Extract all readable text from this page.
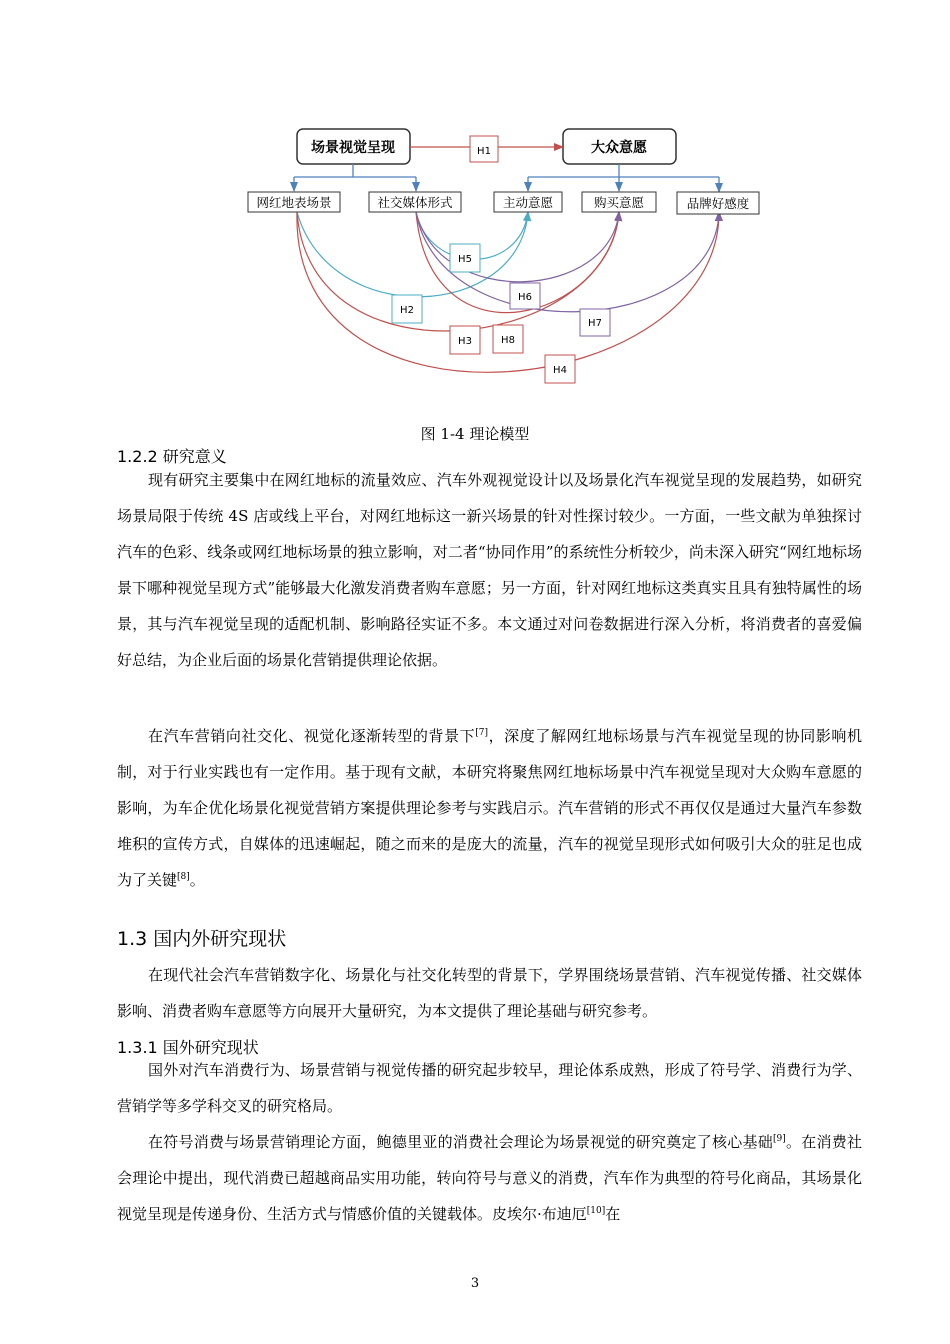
场景视觉呈现	大众意愿
H1
网红地表场景	社交媒体形式	主动意愿	购买意愿	品牌好感度
H5
H6
H2
H7
H3	H8
H4
图 1-4 理论模型
1.2.2 研究意义

现有研究主要集中在网红地标的流量效应、汽车外观视觉设计以及场景化汽车视觉呈现的发展趋势，如研究场景局限于传统 4S 店或线上平台，对网红地标这一新兴场景的针对性探讨较少。一方面，一些文献为单独探讨汽车的色彩、线条或网红地标场景的独立影响，对二者“协同作用”的系统性分析较少，尚未深入研究“网红地标场景下哪种视觉呈现方式”能够最大化激发消费者购车意愿；另一方面，针对网红地标这类真实且具有独特属性的场景，其与汽车视觉呈现的适配机制、影响路径实证不多。本文通过对问卷数据进行深入分析，将消费者的喜爱偏好总结，为企业后面的场景化营销提供理论依据。

在汽车营销向社交化、视觉化逐渐转型的背景下[7]，深度了解网红地标场景与汽车视觉呈现的协同影响机制，对于行业实践也有一定作用。基于现有文献，本研究将聚焦网红地标场景中汽车视觉呈现对大众购车意愿的影响，为车企优化场景化视觉营销方案提供理论参考与实践启示。汽车营销的形式不再仅仅是通过大量汽车参数堆积的宣传方式，自媒体的迅速崛起，随之而来的是庞大的流量，汽车的视觉呈现形式如何吸引大众的驻足也成为了关键[8]。

1.3 国内外研究现状

在现代社会汽车营销数字化、场景化与社交化转型的背景下，学界围绕场景营销、汽车视觉传播、社交媒体影响、消费者购车意愿等方向展开大量研究，为本文提供了理论基础与研究参考。

1.3.1 国外研究现状

国外对汽车消费行为、场景营销与视觉传播的研究起步较早，理论体系成熟，形成了符号学、消费行为学、营销学等多学科交叉的研究格局。

在符号消费与场景营销理论方面，鲍德里亚的消费社会理论为场景视觉的研究奠定了核心基础[9]。在消费社会理论中提出，现代消费已超越商品实用功能，转向符号与意义的消费，汽车作为典型的符号化商品，其场景化视觉呈现是传递身份、生活方式与情感价值的关键载体。皮埃尔·布迪厄[10]在

3
